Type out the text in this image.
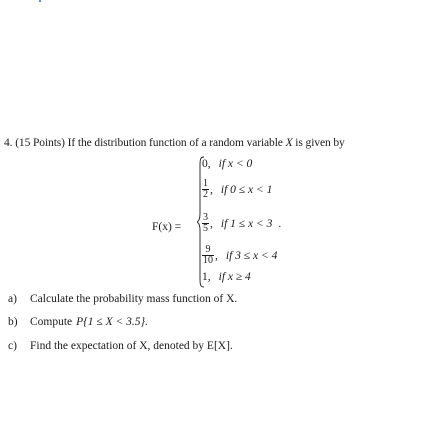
4. (15 Points) If the distribution function of a random variable X is given by
F(x) =
0, if x < 0
$\frac{1}{2}$ , if 0 ≤ x < 1
$\frac{3}{5}$ , if 1 ≤ x < 3 .
$\frac{9}{10}$ , if 3 ≤ x < 4
1, if x ≥ 4
a) Calculate the probability mass function of X.
b) Compute P{1 ≤ X < 3.5}.
c) Find the expectation of X, denoted by E[X].
